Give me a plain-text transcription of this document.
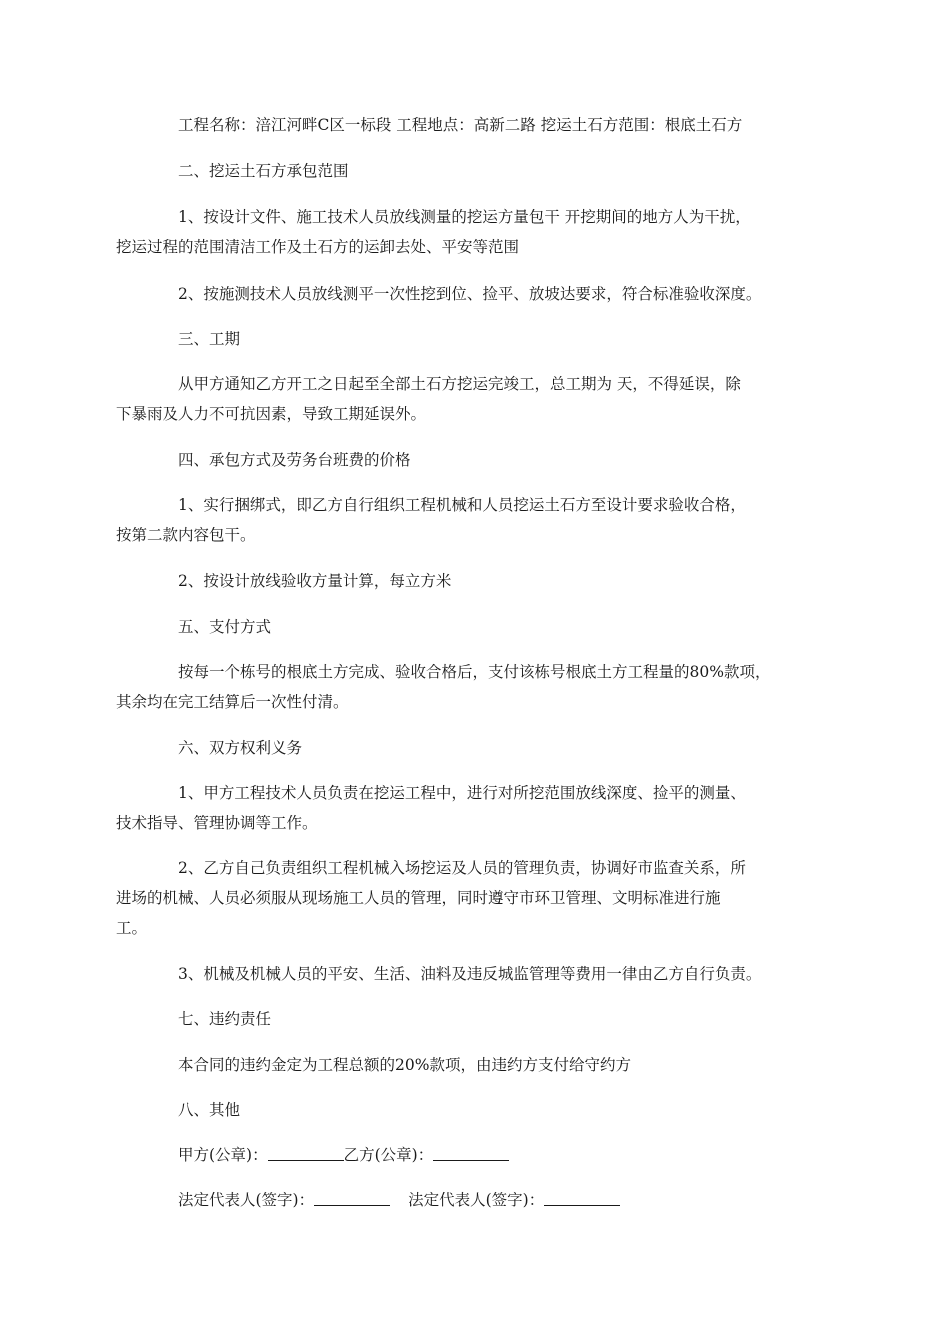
工程名称：涪江河畔C区一标段 工程地点：高新二路 挖运土石方范围：根底土石方

二、挖运土石方承包范围

1、按设计文件、施工技术人员放线测量的挖运方量包干 开挖期间的地方人为干扰，
挖运过程的范围清洁工作及土石方的运卸去处、平安等范围

2、按施测技术人员放线测平一次性挖到位、捡平、放坡达要求，符合标准验收深度。

三、工期

从甲方通知乙方开工之日起至全部土石方挖运完竣工，总工期为 天，不得延误，除
下暴雨及人力不可抗因素，导致工期延误外。

四、承包方式及劳务台班费的价格

1、实行捆绑式，即乙方自行组织工程机械和人员挖运土石方至设计要求验收合格，
按第二款内容包干。

2、按设计放线验收方量计算，每立方米

五、支付方式

按每一个栋号的根底土方完成、验收合格后，支付该栋号根底土方工程量的80%款项，
其余均在完工结算后一次性付清。

六、双方权利义务

1、甲方工程技术人员负责在挖运工程中，进行对所挖范围放线深度、捡平的测量、
技术指导、管理协调等工作。

2、乙方自己负责组织工程机械入场挖运及人员的管理负责，协调好市监查关系，所
进场的机械、人员必须服从现场施工人员的管理，同时遵守市环卫管理、文明标准进行施
工。

3、机械及机械人员的平安、生活、油料及违反城监管理等费用一律由乙方自行负责。

七、违约责任

本合同的违约金定为工程总额的20%款项，由违约方支付给守约方

八、其他

甲方(公章)：	乙方(公章)：

法定代表人(签字)：	法定代表人(签字)：
